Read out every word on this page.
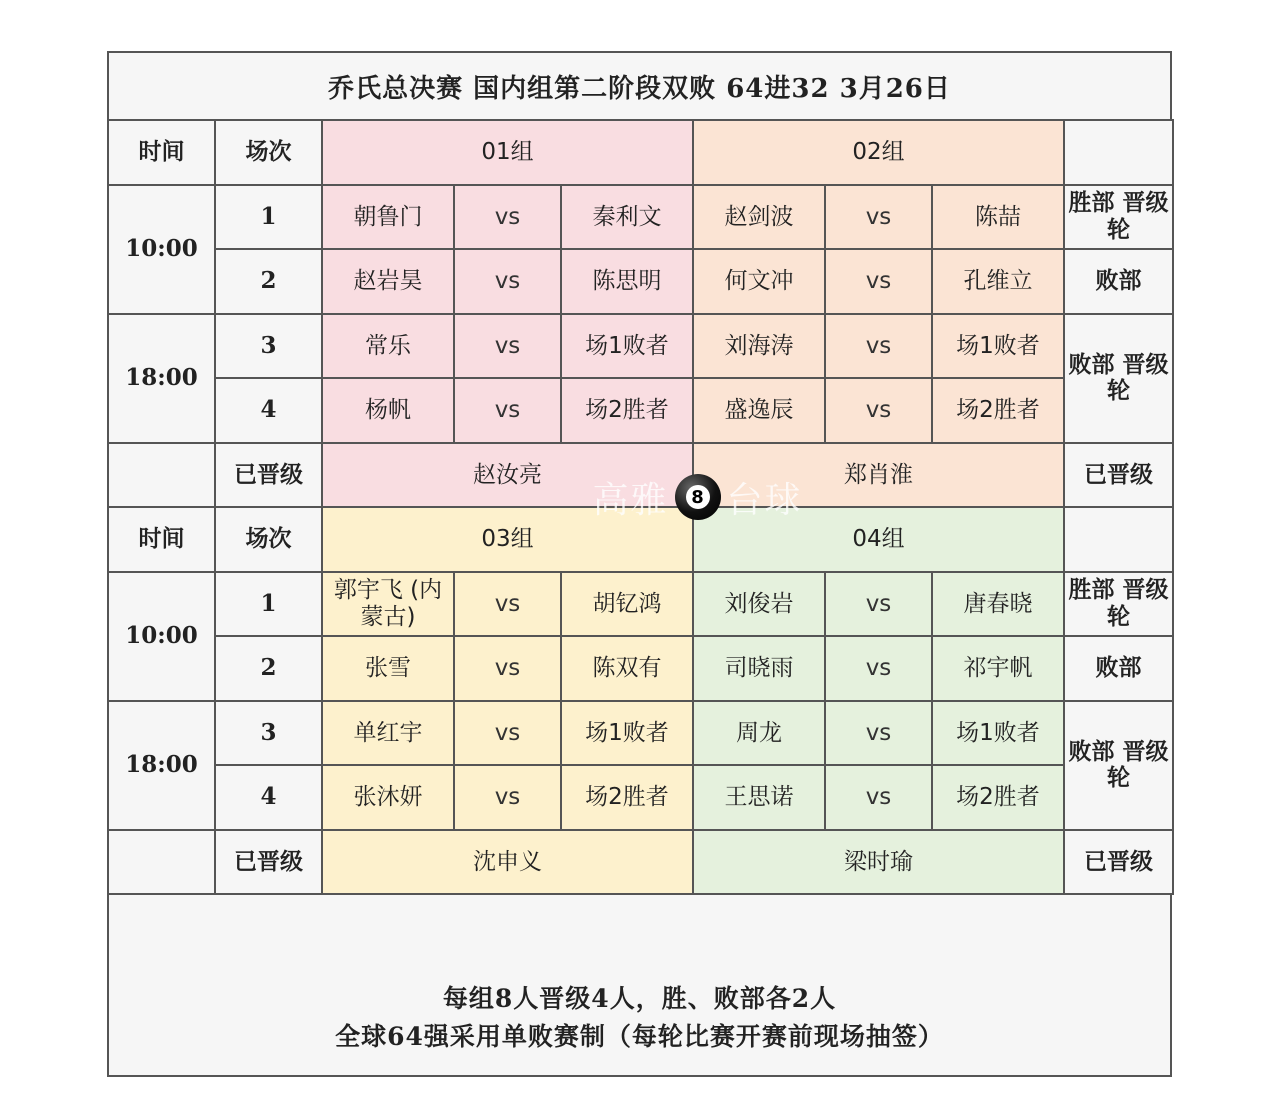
乔氏总决赛 国内组第二阶段双败 64进32 3月26日
时间	场次	01组			02组			
10:00	1	朝鲁门	vs	秦利文	赵剑波	vs	陈喆	胜部 晋级轮
	2	赵岩昊	vs	陈思明	何文冲	vs	孔维立	败部
18:00	3	常乐	vs	场1败者	刘海涛	vs	场1败者	败部 晋级轮
	4	杨帆	vs	场2胜者	盛逸辰	vs	场2胜者	
	已晋级	赵汝亮			郑肖淮			已晋级
时间	场次	03组			04组			
10:00	1	郭宇飞 (内蒙古)	vs	胡钇鸿	刘俊岩	vs	唐春晓	胜部 晋级轮
	2	张雪	vs	陈双有	司晓雨	vs	祁宇帆	败部
18:00	3	单红宇	vs	场1败者	周龙	vs	场1败者	败部 晋级轮
	4	张沐妍	vs	场2胜者	王思诺	vs	场2胜者	
	已晋级	沈申义			梁时瑜			已晋级
高雅	8 台球
每组8人晋级4人，胜、败部各2人
全球64强采用单败赛制（每轮比赛开赛前现场抽签）
